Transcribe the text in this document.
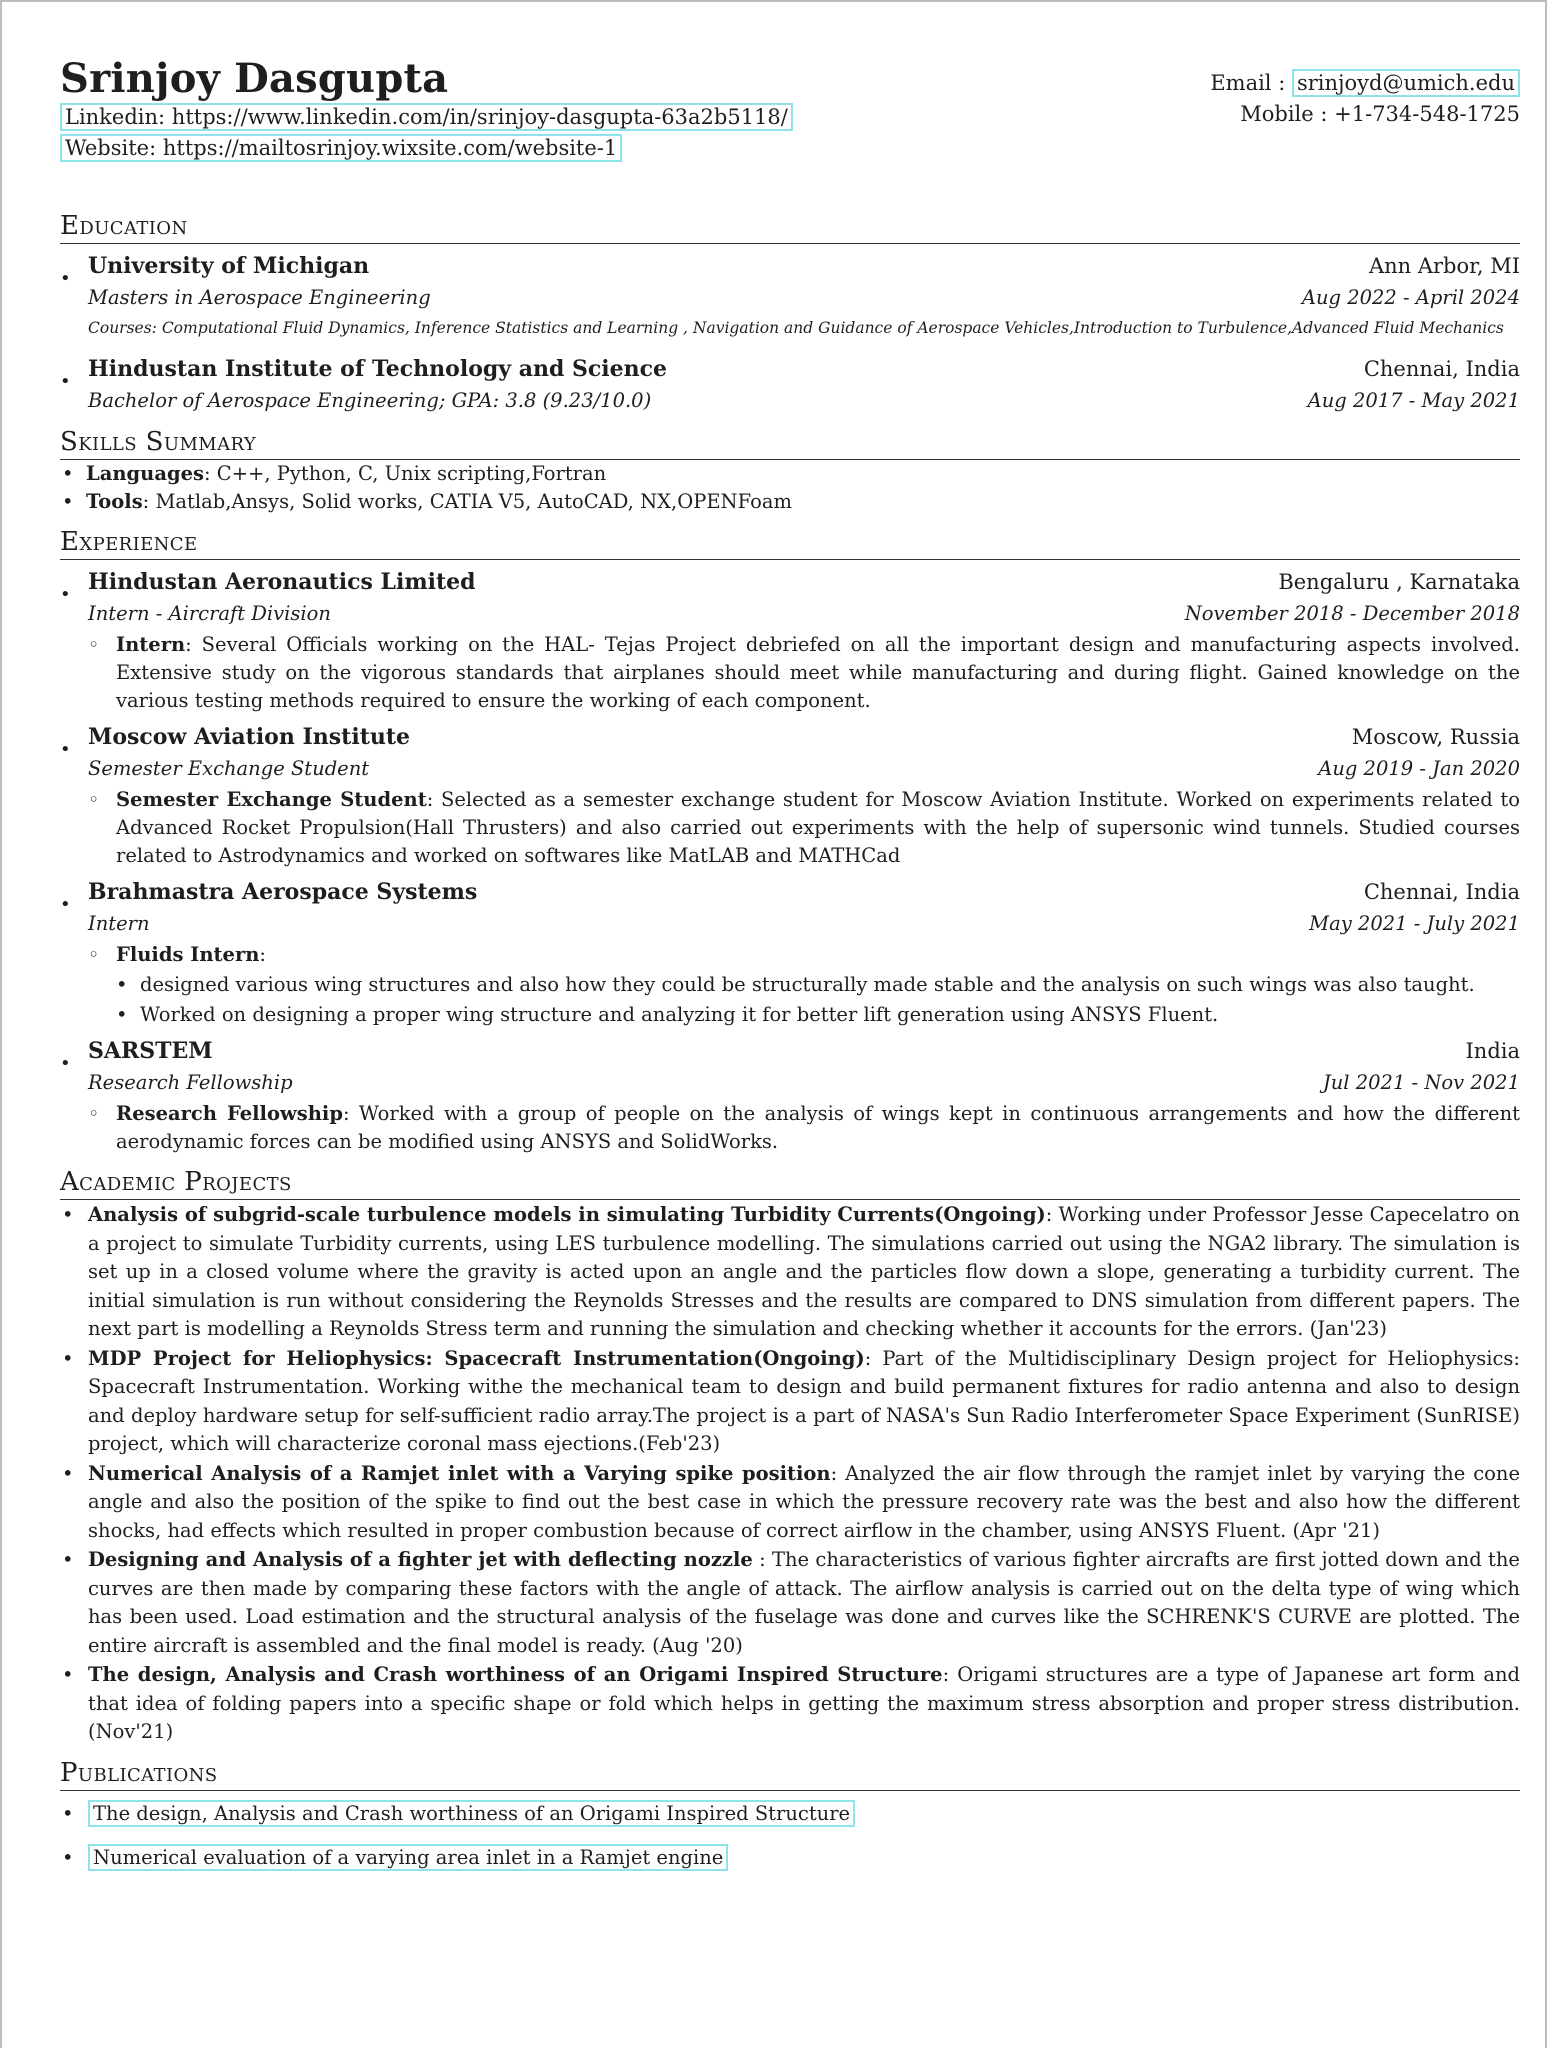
Srinjoy Dasgupta
Linkedin: https://www.linkedin.com/in/srinjoy-dasgupta-63a2b5118/
Website: https://mailtosrinjoy.wixsite.com/website-1
Email : srinjoyd@umich.edu
Mobile : +1-734-548-1725
Education
• University of Michigan	Ann Arbor, MI
Masters in Aerospace Engineering	Aug 2022 - April 2024
Courses: Computational Fluid Dynamics, Inference Statistics and Learning , Navigation and Guidance of Aerospace Vehicles,Introduction to Turbulence,Advanced Fluid Mechanics
• Hindustan Institute of Technology and Science	Chennai, India
Bachelor of Aerospace Engineering; GPA: 3.8 (9.23/10.0)	Aug 2017 - May 2021
Skills Summary
• Languages: C++, Python, C, Unix scripting,Fortran
• Tools: Matlab,Ansys, Solid works, CATIA V5, AutoCAD, NX,OPENFoam
Experience
• Hindustan Aeronautics Limited	Bengaluru , Karnataka
Intern - Aircraft Division	November 2018 - December 2018
◦ Intern: Several Officials working on the HAL- Tejas Project debriefed on all the important design and manufacturing aspects involved. Extensive study on the vigorous standards that airplanes should meet while manufacturing and during flight. Gained knowledge on the various testing methods required to ensure the working of each component.
• Moscow Aviation Institute	Moscow, Russia
Semester Exchange Student	Aug 2019 - Jan 2020
◦ Semester Exchange Student: Selected as a semester exchange student for Moscow Aviation Institute. Worked on experiments related to Advanced Rocket Propulsion(Hall Thrusters) and also carried out experiments with the help of supersonic wind tunnels. Studied courses related to Astrodynamics and worked on softwares like MatLAB and MATHCad
• Brahmastra Aerospace Systems	Chennai, India
Intern	May 2021 - July 2021
◦ Fluids Intern:
• designed various wing structures and also how they could be structurally made stable and the analysis on such wings was also taught.
• Worked on designing a proper wing structure and analyzing it for better lift generation using ANSYS Fluent.
• SARSTEM	India
Research Fellowship	Jul 2021 - Nov 2021
◦ Research Fellowship: Worked with a group of people on the analysis of wings kept in continuous arrangements and how the different aerodynamic forces can be modified using ANSYS and SolidWorks.
Academic Projects
• Analysis of subgrid-scale turbulence models in simulating Turbidity Currents(Ongoing): Working under Professor Jesse Capecelatro on a project to simulate Turbidity currents, using LES turbulence modelling. The simulations carried out using the NGA2 library. The simulation is set up in a closed volume where the gravity is acted upon an angle and the particles flow down a slope, generating a turbidity current. The initial simulation is run without considering the Reynolds Stresses and the results are compared to DNS simulation from different papers. The next part is modelling a Reynolds Stress term and running the simulation and checking whether it accounts for the errors. (Jan'23)
• MDP Project for Heliophysics: Spacecraft Instrumentation(Ongoing): Part of the Multidisciplinary Design project for Heliophysics: Spacecraft Instrumentation. Working withe the mechanical team to design and build permanent fixtures for radio antenna and also to design and deploy hardware setup for self-sufficient radio array.The project is a part of NASA's Sun Radio Interferometer Space Experiment (SunRISE) project, which will characterize coronal mass ejections.(Feb'23)
• Numerical Analysis of a Ramjet inlet with a Varying spike position: Analyzed the air flow through the ramjet inlet by varying the cone angle and also the position of the spike to find out the best case in which the pressure recovery rate was the best and also how the different shocks, had effects which resulted in proper combustion because of correct airflow in the chamber, using ANSYS Fluent. (Apr '21)
• Designing and Analysis of a fighter jet with deflecting nozzle : The characteristics of various fighter aircrafts are first jotted down and the curves are then made by comparing these factors with the angle of attack. The airflow analysis is carried out on the delta type of wing which has been used. Load estimation and the structural analysis of the fuselage was done and curves like the SCHRENK'S CURVE are plotted. The entire aircraft is assembled and the final model is ready. (Aug '20)
• The design, Analysis and Crash worthiness of an Origami Inspired Structure: Origami structures are a type of Japanese art form and that idea of folding papers into a specific shape or fold which helps in getting the maximum stress absorption and proper stress distribution.(Nov'21)
Publications
• The design, Analysis and Crash worthiness of an Origami Inspired Structure
• Numerical evaluation of a varying area inlet in a Ramjet engine
